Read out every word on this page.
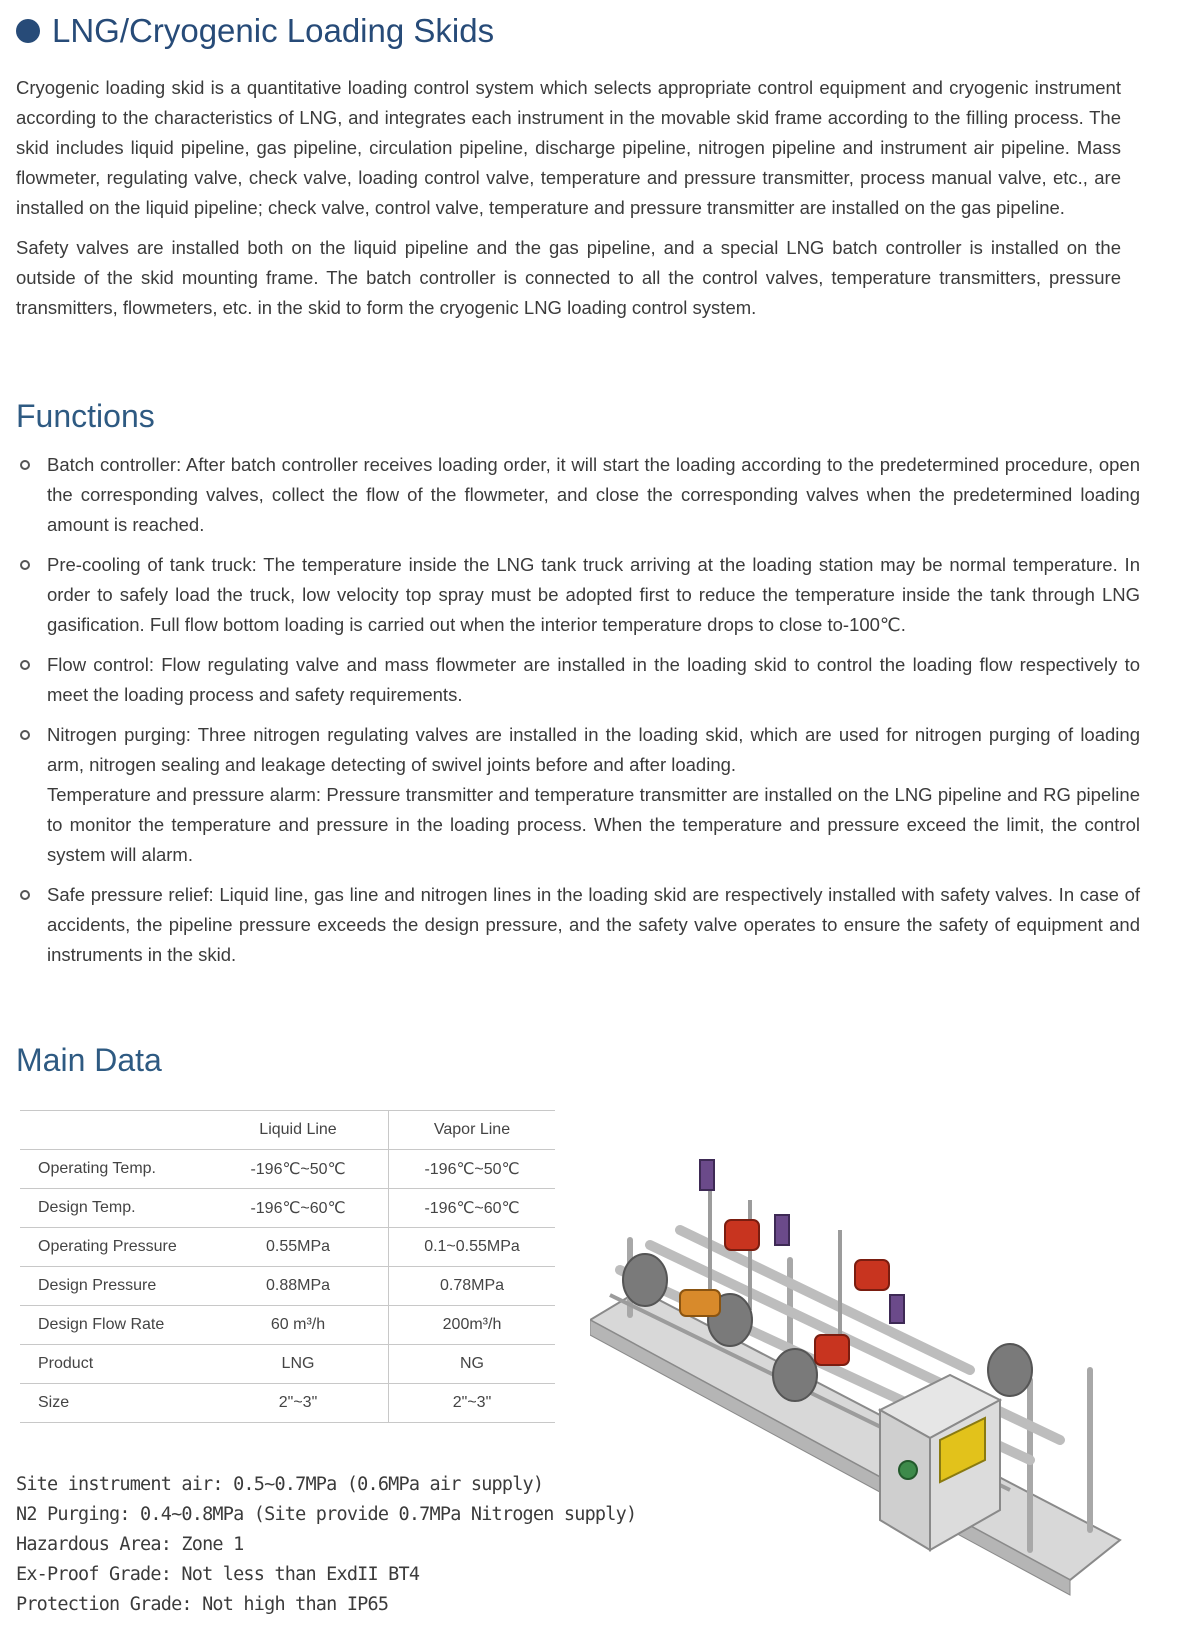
LNG/Cryogenic Loading Skids

Cryogenic loading skid is a quantitative loading control system which selects appropriate control equipment and cryogenic instrument according to the characteristics of LNG, and integrates each instrument in the movable skid frame according to the filling process. The skid includes liquid pipeline, gas pipeline, circulation pipeline, discharge pipeline, nitrogen pipeline and instrument air pipeline. Mass flowmeter, regulating valve, check valve, loading control valve, temperature and pressure transmitter, process manual valve, etc., are installed on the liquid pipeline; check valve, control valve, temperature and pressure transmitter are installed on the gas pipeline.

Safety valves are installed both on the liquid pipeline and the gas pipeline, and a special LNG batch controller is installed on the outside of the skid mounting frame. The batch controller is connected to all the control valves, temperature transmitters, pressure transmitters, flowmeters, etc. in the skid to form the cryogenic LNG loading control system.

Functions
Batch controller: After batch controller receives loading order, it will start the loading according to the predetermined procedure, open the corresponding valves, collect the flow of the flowmeter, and close the corresponding valves when the predetermined loading amount is reached.
Pre-cooling of tank truck: The temperature inside the LNG tank truck arriving at the loading station may be normal temperature. In order to safely load the truck, low velocity top spray must be adopted first to reduce the temperature inside the tank through LNG gasification. Full flow bottom loading is carried out when the interior temperature drops to close to-100℃.
Flow control: Flow regulating valve and mass flowmeter are installed in the loading skid to control the loading flow respectively to meet the loading process and safety requirements.
Nitrogen purging: Three nitrogen regulating valves are installed in the loading skid, which are used for nitrogen purging of loading arm, nitrogen sealing and leakage detecting of swivel joints before and after loading.
Temperature and pressure alarm: Pressure transmitter and temperature transmitter are installed on the LNG pipeline and RG pipeline to monitor the temperature and pressure in the loading process. When the temperature and pressure exceed the limit, the control system will alarm.
Safe pressure relief: Liquid line, gas line and nitrogen lines in the loading skid are respectively installed with safety valves. In case of accidents, the pipeline pressure exceeds the design pressure, and the safety valve operates to ensure the safety of equipment and instruments in the skid.
Main Data
	Liquid Line	Vapor Line
Operating Temp.	-196℃~50℃	-196℃~50℃
Design Temp.	-196℃~60℃	-196℃~60℃
Operating Pressure	0.55MPa	0.1~0.55MPa
Design Pressure	0.88MPa	0.78MPa
Design Flow Rate	60 m³/h	200m³/h
Product	LNG	NG
Size	2"~3"	2"~3"
Site instrument air: 0.5~0.7MPa (0.6MPa air supply)
N2 Purging: 0.4~0.8MPa (Site provide 0.7MPa Nitrogen supply)
Hazardous Area: Zone 1
Ex-Proof Grade: Not less than ExdII BT4
Protection Grade: Not high than IP65
